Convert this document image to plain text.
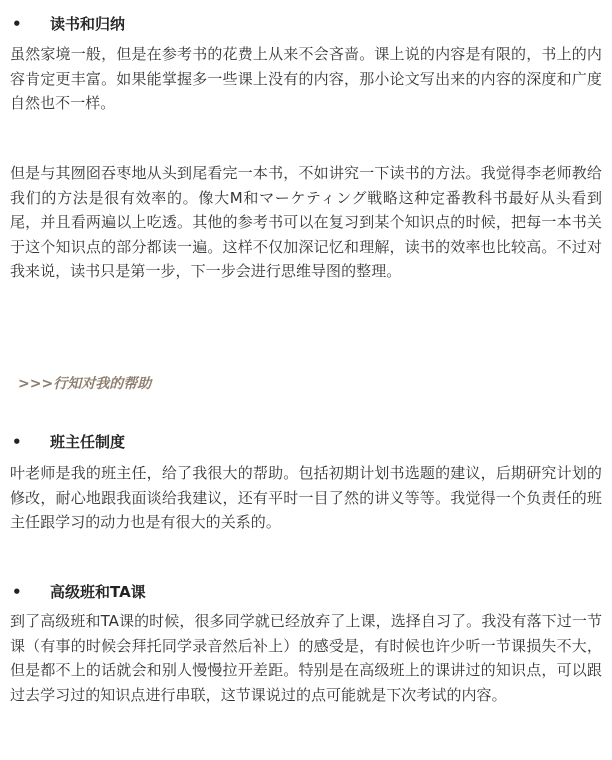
•	读书和归纳

虽然家境一般，但是在参考书的花费上从来不会吝啬。课上说的内容是有限的，书上的内容肯定更丰富。如果能掌握多一些课上没有的内容，那小论文写出来的内容的深度和广度自然也不一样。

但是与其囫囵吞枣地从头到尾看完一本书，不如讲究一下读书的方法。我觉得李老师教给我们的方法是很有效率的。像大M和マーケティング戦略这种定番教科书最好从头看到尾，并且看两遍以上吃透。其他的参考书可以在复习到某个知识点的时候，把每一本书关于这个知识点的部分都读一遍。这样不仅加深记忆和理解，读书的效率也比较高。不过对我来说，读书只是第一步，下一步会进行思维导图的整理。

>>>行知对我的帮助
•	班主任制度

叶老师是我的班主任，给了我很大的帮助。包括初期计划书选题的建议，后期研究计划的修改，耐心地跟我面谈给我建议，还有平时一目了然的讲义等等。我觉得一个负责任的班主任跟学习的动力也是有很大的关系的。

•	高级班和TA课

到了高级班和TA课的时候，很多同学就已经放弃了上课，选择自习了。我没有落下过一节课（有事的时候会拜托同学录音然后补上）的感受是，有时候也许少听一节课损失不大，但是都不上的话就会和别人慢慢拉开差距。特别是在高级班上的课讲过的知识点，可以跟过去学习过的知识点进行串联，这节课说过的点可能就是下次考试的内容。
